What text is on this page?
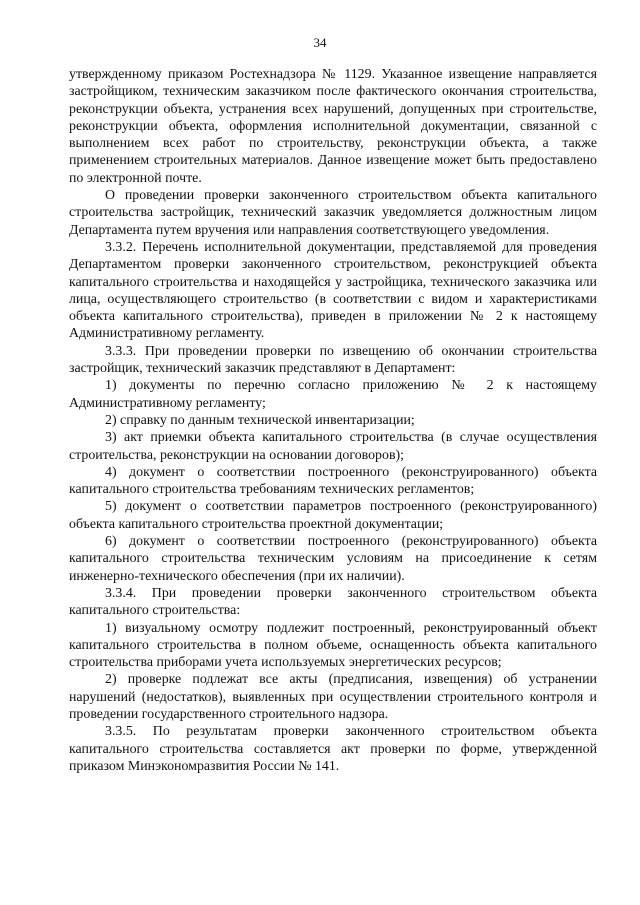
34

утвержденному приказом Ростехнадзора № 1129. Указанное извещение направляется застройщиком, техническим заказчиком после фактического окончания строительства, реконструкции объекта, устранения всех нарушений, допущенных при строительстве, реконструкции объекта, оформления исполнительной документации, связанной с выполнением всех работ по строительству, реконструкции объекта, а также применением строительных материалов. Данное извещение может быть предоставлено по электронной почте.

О проведении проверки законченного строительством объекта капитального строительства застройщик, технический заказчик уведомляется должностным лицом Департамента путем вручения или направления соответствующего уведомления.

3.3.2. Перечень исполнительной документации, представляемой для проведения Департаментом проверки законченного строительством, реконструкцией объекта капитального строительства и находящейся у застройщика, технического заказчика или лица, осуществляющего строительство (в соответствии с видом и характеристиками объекта капитального строительства), приведен в приложении № 2 к настоящему Административному регламенту.

3.3.3. При проведении проверки по извещению об окончании строительства застройщик, технический заказчик представляют в Департамент:

1) документы по перечню согласно приложению № 2 к настоящему Административному регламенту;

2) справку по данным технической инвентаризации;

3) акт приемки объекта капитального строительства (в случае осуществления строительства, реконструкции на основании договоров);

4) документ о соответствии построенного (реконструированного) объекта капитального строительства требованиям технических регламентов;

5) документ о соответствии параметров построенного (реконструированного) объекта капитального строительства проектной документации;

6) документ о соответствии построенного (реконструированного) объекта капитального строительства техническим условиям на присоединение к сетям инженерно-технического обеспечения (при их наличии).

3.3.4. При проведении проверки законченного строительством объекта капитального строительства:

1) визуальному осмотру подлежит построенный, реконструированный объект капитального строительства в полном объеме, оснащенность объекта капитального строительства приборами учета используемых энергетических ресурсов;

2) проверке подлежат все акты (предписания, извещения) об устранении нарушений (недостатков), выявленных при осуществлении строительного контроля и проведении государственного строительного надзора.

3.3.5. По результатам проверки законченного строительством объекта капитального строительства составляется акт проверки по форме, утвержденной приказом Минэкономразвития России № 141.
